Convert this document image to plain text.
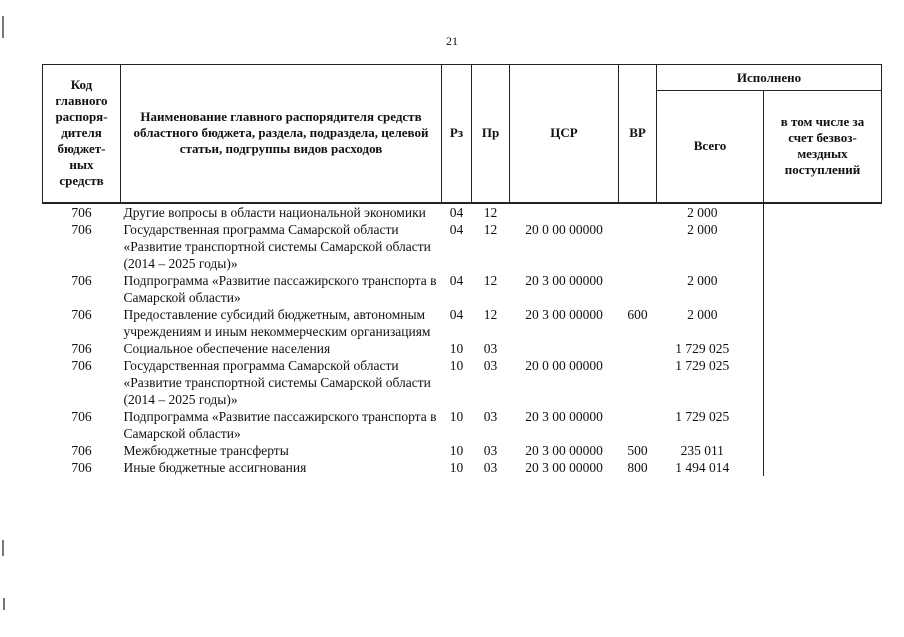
21
Код главного распоря-дителя бюджет-ных средств	Наименование главного распорядителя средств областного бюджета, раздела, подраздела, целевой статьи, подгруппы видов расходов	Рз	Пр	ЦСР	ВР	Исполнено	
						Всего	в том числе за счет безвоз-мездных поступлений
706	Другие вопросы в области национальной экономики	04	12			2 000	
706	Государственная программа Самарской области «Развитие транспортной системы Самарской области (2014 – 2025 годы)»	04	12	20 0 00 00000		2 000	
706	Подпрограмма «Развитие пассажирского транспорта в Самарской области»	04	12	20 3 00 00000		2 000	
706	Предоставление субсидий бюджетным, автономным учреждениям и иным некоммерческим организациям	04	12	20 3 00 00000	600	2 000	
706	Социальное обеспечение населения	10	03			1 729 025	
706	Государственная программа Самарской области «Развитие транспортной системы Самарской области (2014 – 2025 годы)»	10	03	20 0 00 00000		1 729 025	
706	Подпрограмма «Развитие пассажирского транспорта в Самарской области»	10	03	20 3 00 00000		1 729 025	
706	Межбюджетные трансферты	10	03	20 3 00 00000	500	235 011	
706	Иные бюджетные ассигнования	10	03	20 3 00 00000	800	1 494 014	
